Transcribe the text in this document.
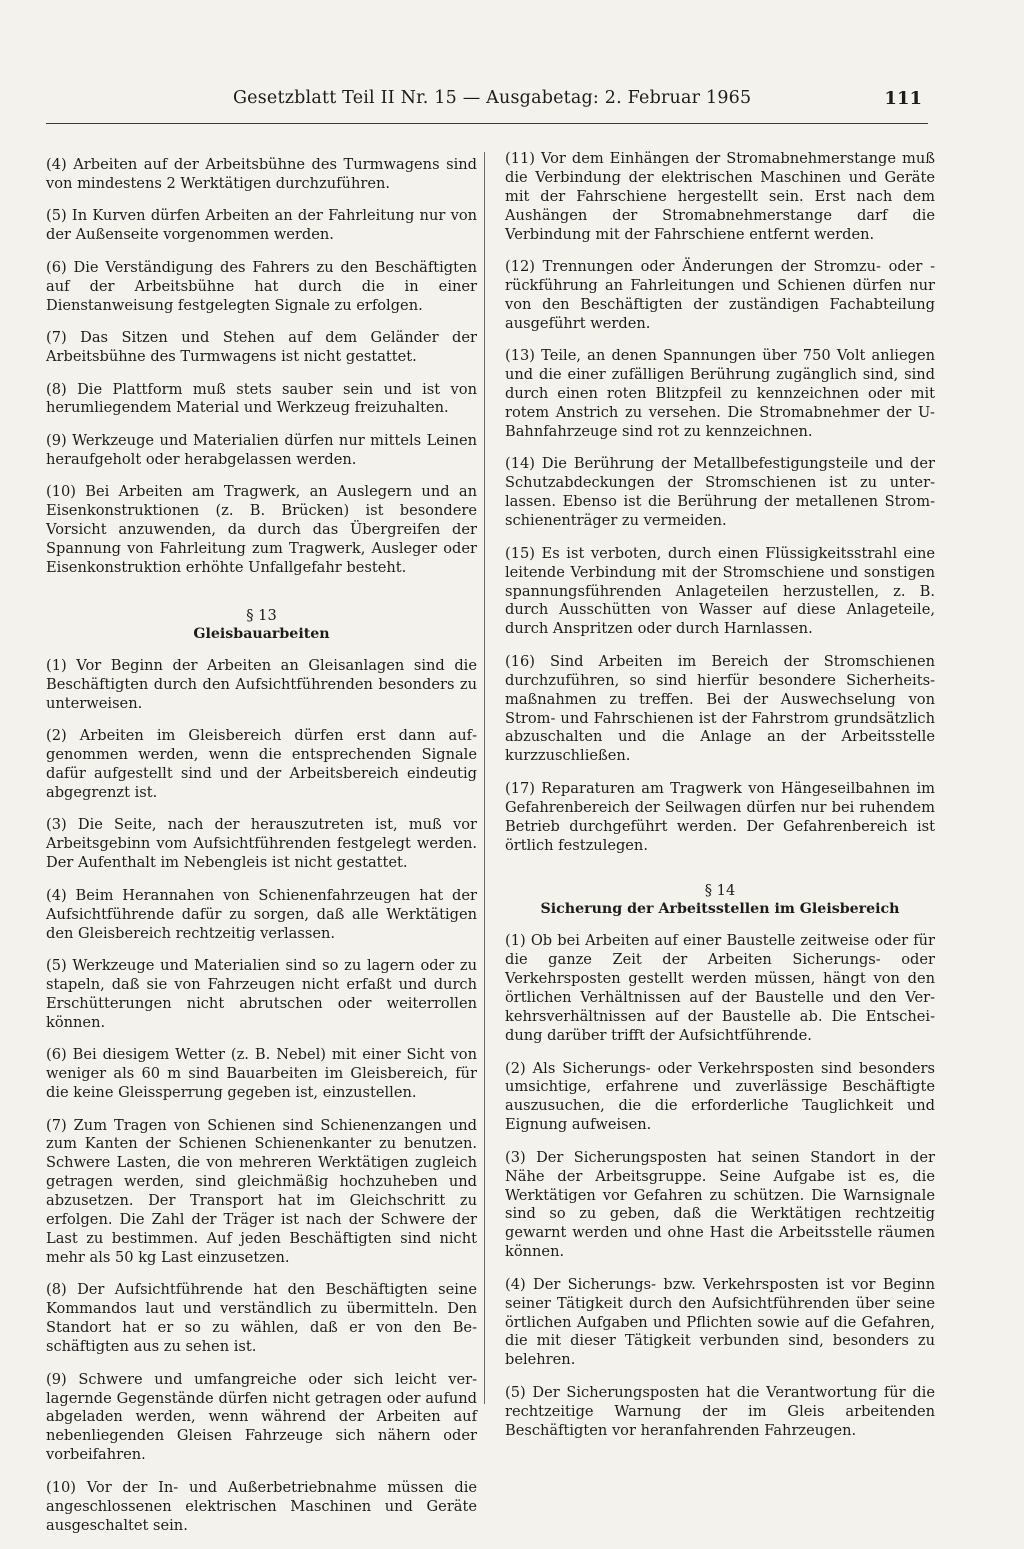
Gesetzblatt Teil II Nr. 15 — Ausgabetag: 2. Februar 1965	111

(4) Arbeiten auf der Arbeitsbühne des Turmwagens sind von mindestens 2 Werktätigen durchzuführen.

(5) In Kurven dürfen Arbeiten an der Fahrleitung nur von der Außenseite vorgenommen werden.

(6) Die Verständigung des Fahrers zu den Beschäftigten auf der Arbeitsbühne hat durch die in einer Dienstanweisung festgelegten Signale zu erfolgen.

(7) Das Sitzen und Stehen auf dem Geländer der Arbeitsbühne des Turmwagens ist nicht gestattet.

(8) Die Plattform muß stets sauber sein und ist von herumliegendem Material und Werkzeug freizuhalten.

(9) Werkzeuge und Materialien dürfen nur mittels Leinen heraufgeholt oder herabgelassen werden.

(10) Bei Arbeiten am Tragwerk, an Auslegern und an Eisenkonstruktionen (z. B. Brücken) ist besondere Vorsicht anzuwenden, da durch das Übergreifen der Spannung von Fahrleitung zum Tragwerk, Ausleger oder Eisenkonstruktion erhöhte Unfallgefahr besteht.

§ 13
Gleisbauarbeiten

(1) Vor Beginn der Arbeiten an Gleisanlagen sind die Beschäftigten durch den Aufsichtführenden besonders zu unterweisen.

(2) Arbeiten im Gleisbereich dürfen erst dann aufgenommen werden, wenn die entsprechenden Signale dafür aufgestellt sind und der Arbeitsbereich eindeutig abgegrenzt ist.

(3) Die Seite, nach der herauszutreten ist, muß vor Arbeitsgebinn vom Aufsichtführenden festgelegt werden. Der Aufenthalt im Nebengleis ist nicht gestattet.

(4) Beim Herannahen von Schienenfahrzeugen hat der Aufsichtführende dafür zu sorgen, daß alle Werktätigen den Gleisbereich rechtzeitig verlassen.

(5) Werkzeuge und Materialien sind so zu lagern oder zu stapeln, daß sie von Fahrzeugen nicht erfaßt und durch Erschütterungen nicht abrutschen oder weiterrollen können.

(6) Bei diesigem Wetter (z. B. Nebel) mit einer Sicht von weniger als 60 m sind Bauarbeiten im Gleisbereich, für die keine Gleissperrung gegeben ist, einzustellen.

(7) Zum Tragen von Schienen sind Schienenzangen und zum Kanten der Schienen Schienenkanter zu benutzen. Schwere Lasten, die von mehreren Werktätigen zugleich getragen werden, sind gleichmäßig hochzuheben und abzusetzen. Der Transport hat im Gleichschritt zu erfolgen. Die Zahl der Träger ist nach der Schwere der Last zu bestimmen. Auf jeden Beschäftigten sind nicht mehr als 50 kg Last einzusetzen.

(8) Der Aufsichtführende hat den Beschäftigten seine Kommandos laut und verständlich zu übermitteln. Den Standort hat er so zu wählen, daß er von den Beschäftigten aus zu sehen ist.

(9) Schwere und umfangreiche oder sich leicht verlagernde Gegenstände dürfen nicht getragen oder aufund abgeladen werden, wenn während der Arbeiten auf nebenliegenden Gleisen Fahrzeuge sich nähern oder vorbeifahren.

(10) Vor der In- und Außerbetriebnahme müssen die angeschlossenen elektrischen Maschinen und Geräte ausgeschaltet sein.

(11) Vor dem Einhängen der Stromabnehmerstange muß die Verbindung der elektrischen Maschinen und Geräte mit der Fahrschiene hergestellt sein. Erst nach dem Aushängen der Stromabnehmerstange darf die Verbindung mit der Fahrschiene entfernt werden.

(12) Trennungen oder Änderungen der Stromzu- oder -rückführung an Fahrleitungen und Schienen dürfen nur von den Beschäftigten der zuständigen Fachabteilung ausgeführt werden.

(13) Teile, an denen Spannungen über 750 Volt anliegen und die einer zufälligen Berührung zugänglich sind, sind durch einen roten Blitzpfeil zu kennzeichnen oder mit rotem Anstrich zu versehen. Die Stromabnehmer der U-Bahnfahrzeuge sind rot zu kennzeichnen.

(14) Die Berührung der Metallbefestigungsteile und der Schutzabdeckungen der Stromschienen ist zu unterlassen. Ebenso ist die Berührung der metallenen Stromschienenträger zu vermeiden.

(15) Es ist verboten, durch einen Flüssigkeitsstrahl eine leitende Verbindung mit der Stromschiene und sonstigen spannungsführenden Anlageteilen herzustellen, z. B. durch Ausschütten von Wasser auf diese Anlageteile, durch Anspritzen oder durch Harnlassen.

(16) Sind Arbeiten im Bereich der Stromschienen durchzuführen, so sind hierfür besondere Sicherheitsmaßnahmen zu treffen. Bei der Auswechselung von Strom- und Fahrschienen ist der Fahrstrom grundsätzlich abzuschalten und die Anlage an der Arbeitsstelle kurzzuschließen.

(17) Reparaturen am Tragwerk von Hängeseilbahnen im Gefahrenbereich der Seilwagen dürfen nur bei ruhendem Betrieb durchgeführt werden. Der Gefahrenbereich ist örtlich festzulegen.

§ 14
Sicherung der Arbeitsstellen im Gleisbereich

(1) Ob bei Arbeiten auf einer Baustelle zeitweise oder für die ganze Zeit der Arbeiten Sicherungs- oder Verkehrsposten gestellt werden müssen, hängt von den örtlichen Verhältnissen auf der Baustelle und den Verkehrsverhältnissen auf der Baustelle ab. Die Entscheidung darüber trifft der Aufsichtführende.

(2) Als Sicherungs- oder Verkehrsposten sind besonders umsichtige, erfahrene und zuverlässige Beschäftigte auszusuchen, die die erforderliche Tauglichkeit und Eignung aufweisen.

(3) Der Sicherungsposten hat seinen Standort in der Nähe der Arbeitsgruppe. Seine Aufgabe ist es, die Werktätigen vor Gefahren zu schützen. Die Warnsignale sind so zu geben, daß die Werktätigen rechtzeitig gewarnt werden und ohne Hast die Arbeitsstelle räumen können.

(4) Der Sicherungs- bzw. Verkehrsposten ist vor Beginn seiner Tätigkeit durch den Aufsichtführenden über seine örtlichen Aufgaben und Pflichten sowie auf die Gefahren, die mit dieser Tätigkeit verbunden sind, besonders zu belehren.

(5) Der Sicherungsposten hat die Verantwortung für die rechtzeitige Warnung der im Gleis arbeitenden Beschäftigten vor heranfahrenden Fahrzeugen.
